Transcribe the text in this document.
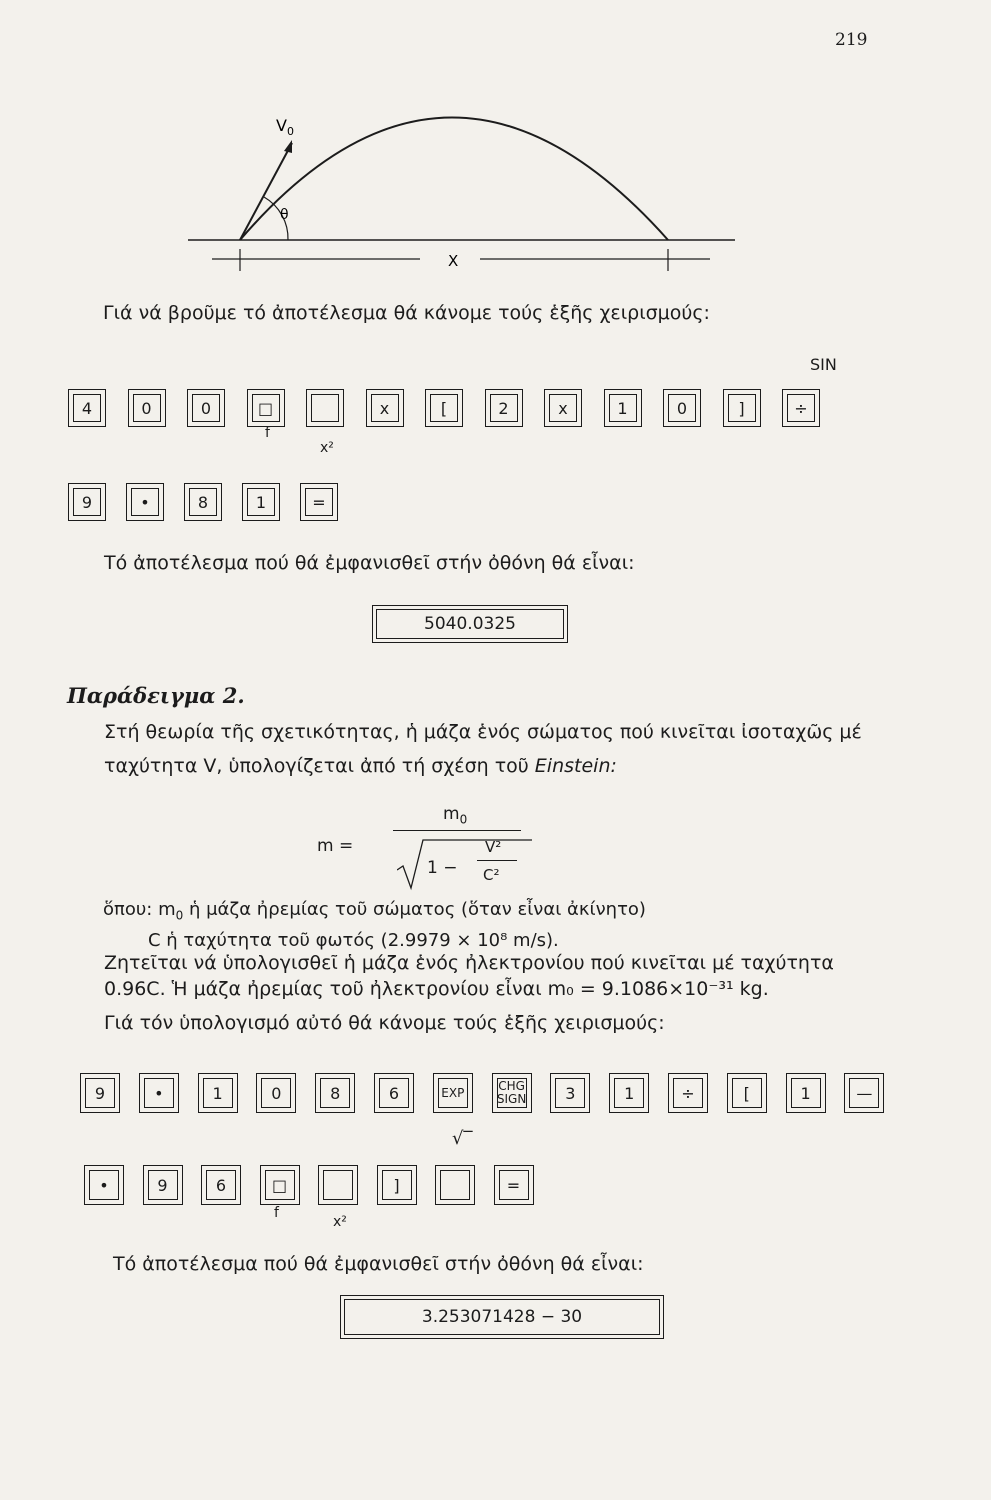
219
$V_0$
θ
X
Γιά νά βροῦμε τό ἀποτέλεσμα θά κάνομε τούς ἑξῆς χειρισμούς:
SIN
4	0	0	□	x	[	2	x	1	0	]	÷
f
x²
9	•	8	1	=
Τό ἀποτέλεσμα πού θά ἐμφανισθεῖ στήν ὀθόνη θά εἶναι:
5040.0325
Παράδειγμα 2.
Στή θεωρία τῆς σχετικότητας, ἡ μάζα ἑνός σώματος πού κινεῖται ἰσοταχῶς μέ
ταχύτητα V, ὑπολογίζεται ἀπό τή σχέση τοῦ Einstein:
m =
$m_0$
1 −
V²
C²
ὅπου: $m_0$ ἡ μάζα ἠρεμίας τοῦ σώματος (ὅταν εἶναι ἀκίνητο)
C ἡ ταχύτητα τοῦ φωτός (2.9979 × 10⁸ m/s).
Ζητεῖται νά ὑπολογισθεῖ ἡ μάζα ἑνός ἠλεκτρονίου πού κινεῖται μέ ταχύτητα
0.96C. Ἡ μάζα ἠρεμίας τοῦ ἠλεκτρονίου εἶναι m₀ = 9.1086×10⁻³¹ kg.
Γιά τόν ὑπολογισμό αὐτό θά κάνομε τούς ἑξῆς χειρισμούς:
9	•	1	0	8	6	EXP	CHG SIGN 3	1	÷	[	1	—
√‾
•	9	6	□	]	=
f
x²
Τό ἀποτέλεσμα πού θά ἐμφανισθεῖ στήν ὀθόνη θά εἶναι:
3.253071428 − 30
